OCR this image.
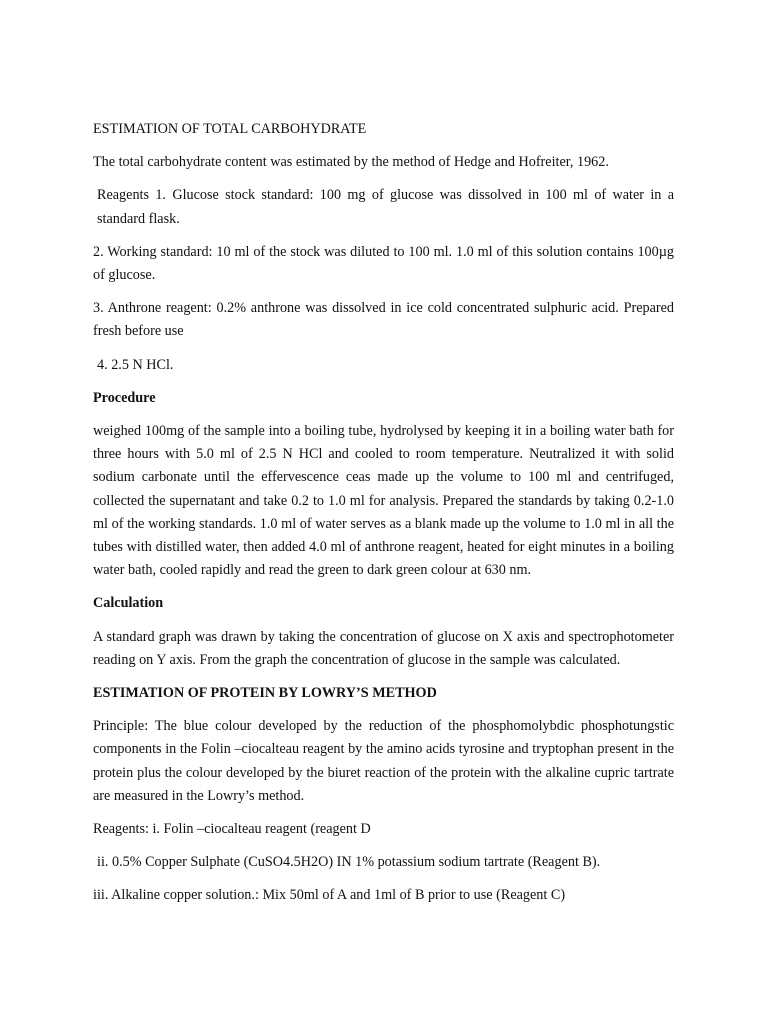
ESTIMATION OF TOTAL CARBOHYDRATE

The total carbohydrate content was estimated by the method of Hedge and Hofreiter, 1962.

Reagents 1. Glucose stock standard: 100 mg of glucose was dissolved in 100 ml of water in a standard flask.

2. Working standard: 10 ml of the stock was diluted to 100 ml. 1.0 ml of this solution contains 100µg of glucose.

3. Anthrone reagent: 0.2% anthrone was dissolved in ice cold concentrated sulphuric acid. Prepared fresh before use

4. 2.5 N HCl.

Procedure

weighed 100mg of the sample into a boiling tube, hydrolysed by keeping it in a boiling water bath for three hours with 5.0 ml of 2.5 N HCl and cooled to room temperature. Neutralized it with solid sodium carbonate until the effervescence ceas made up the volume to 100 ml and centrifuged, collected the supernatant and take 0.2 to 1.0 ml for analysis. Prepared the standards by taking 0.2-1.0 ml of the working standards. 1.0 ml of water serves as a blank made up the volume to 1.0 ml in all the tubes with distilled water, then added 4.0 ml of anthrone reagent, heated for eight minutes in a boiling water bath, cooled rapidly and read the green to dark green colour at 630 nm.

Calculation

A standard graph was drawn by taking the concentration of glucose on X axis and spectrophotometer reading on Y axis. From the graph the concentration of glucose in the sample was calculated.

ESTIMATION OF PROTEIN BY LOWRY’S METHOD

Principle: The blue colour developed by the reduction of the phosphomolybdic phosphotungstic components in the Folin –ciocalteau reagent by the amino acids tyrosine and tryptophan present in the protein plus the colour developed by the biuret reaction of the protein with the alkaline cupric tartrate are measured in the Lowry’s method.

Reagents: i. Folin –ciocalteau reagent (reagent D

ii. 0.5% Copper Sulphate (CuSO4.5H2O) IN 1% potassium sodium tartrate (Reagent B).

iii. Alkaline copper solution.: Mix 50ml of A and 1ml of B prior to use (Reagent C)
